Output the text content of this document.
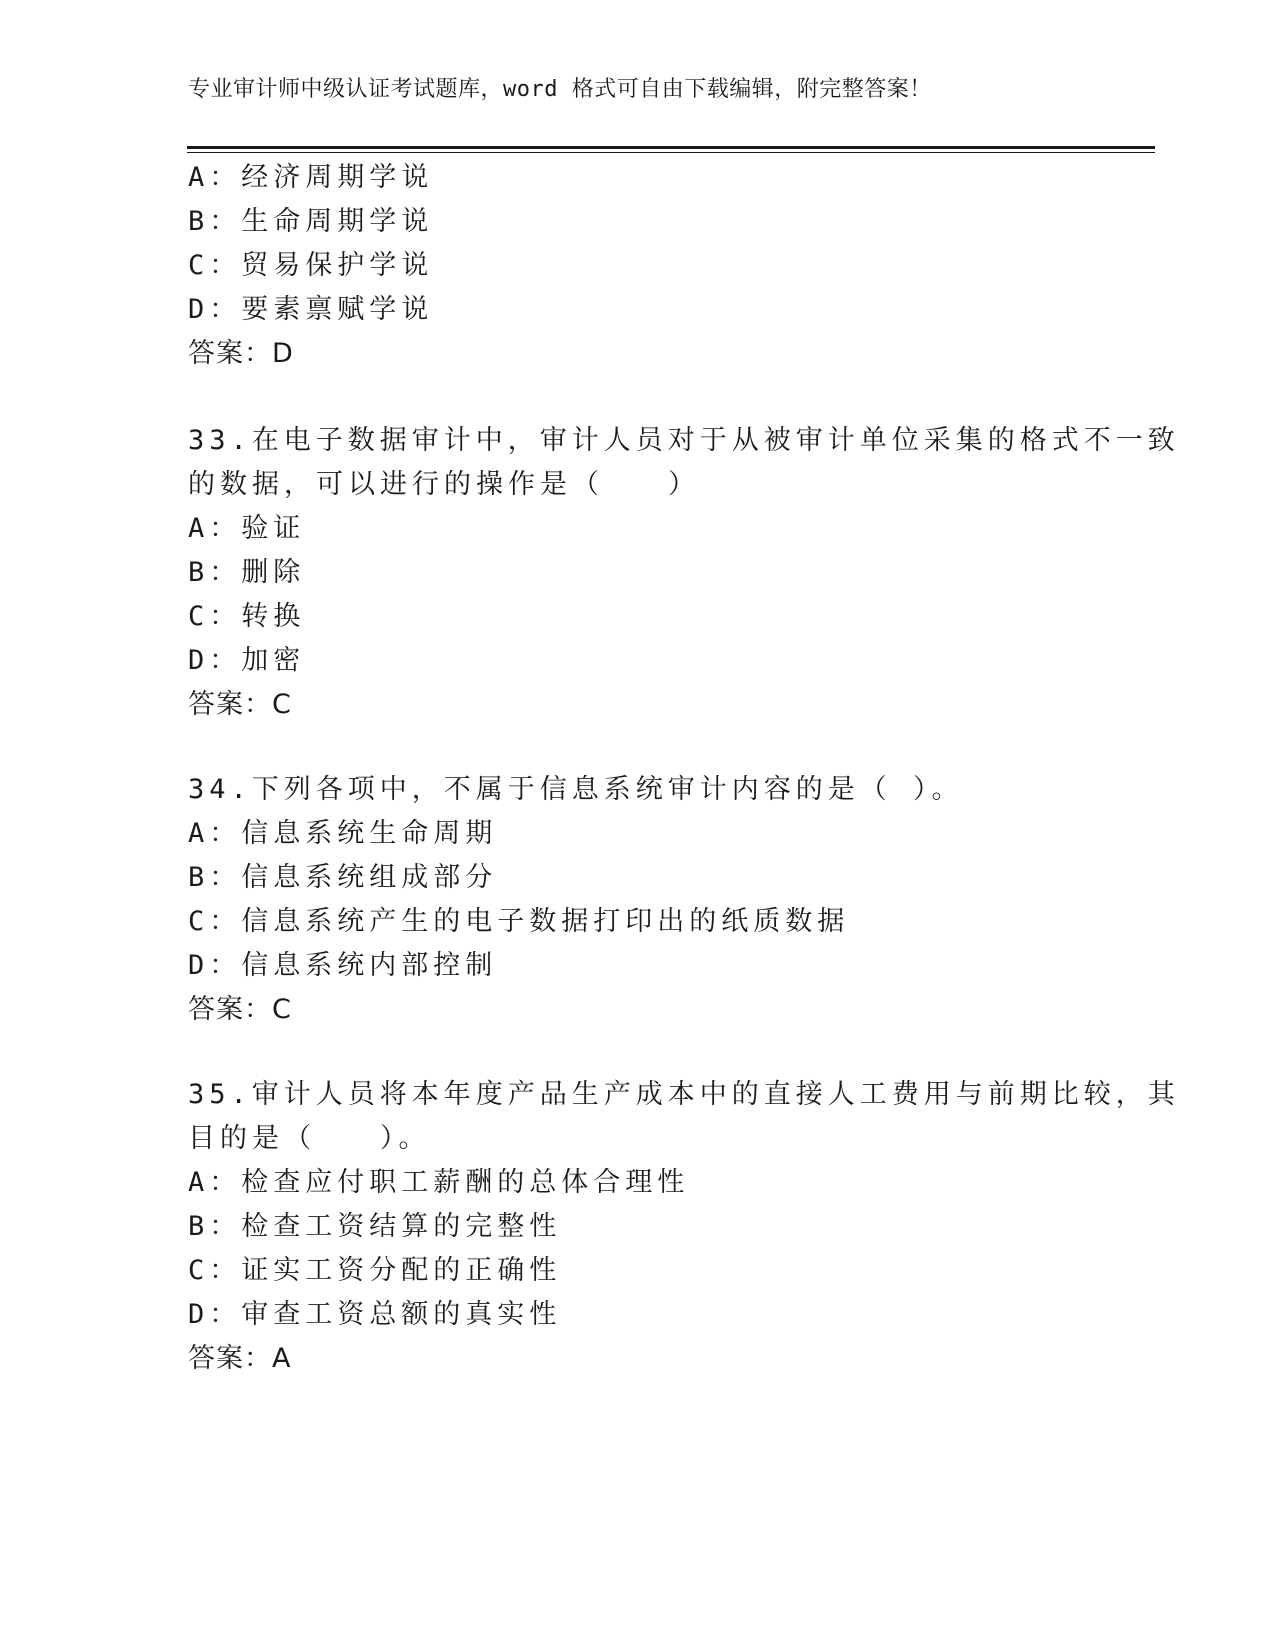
专业审计师中级认证考试题库，word 格式可自由下载编辑，附完整答案！
A：经济周期学说
B：生命周期学说
C：贸易保护学说
D：要素禀赋学说
答案：D
33.在电子数据审计中，审计人员对于从被审计单位采集的格式不一致
的数据，可以进行的操作是（　　）
A：验证
B：删除
C：转换
D：加密
答案：C
34.下列各项中，不属于信息系统审计内容的是（ ）。
A：信息系统生命周期
B：信息系统组成部分
C：信息系统产生的电子数据打印出的纸质数据
D：信息系统内部控制
答案：C
35.审计人员将本年度产品生产成本中的直接人工费用与前期比较，其
目的是（　　）。
A：检查应付职工薪酬的总体合理性
B：检查工资结算的完整性
C：证实工资分配的正确性
D：审查工资总额的真实性
答案：A
